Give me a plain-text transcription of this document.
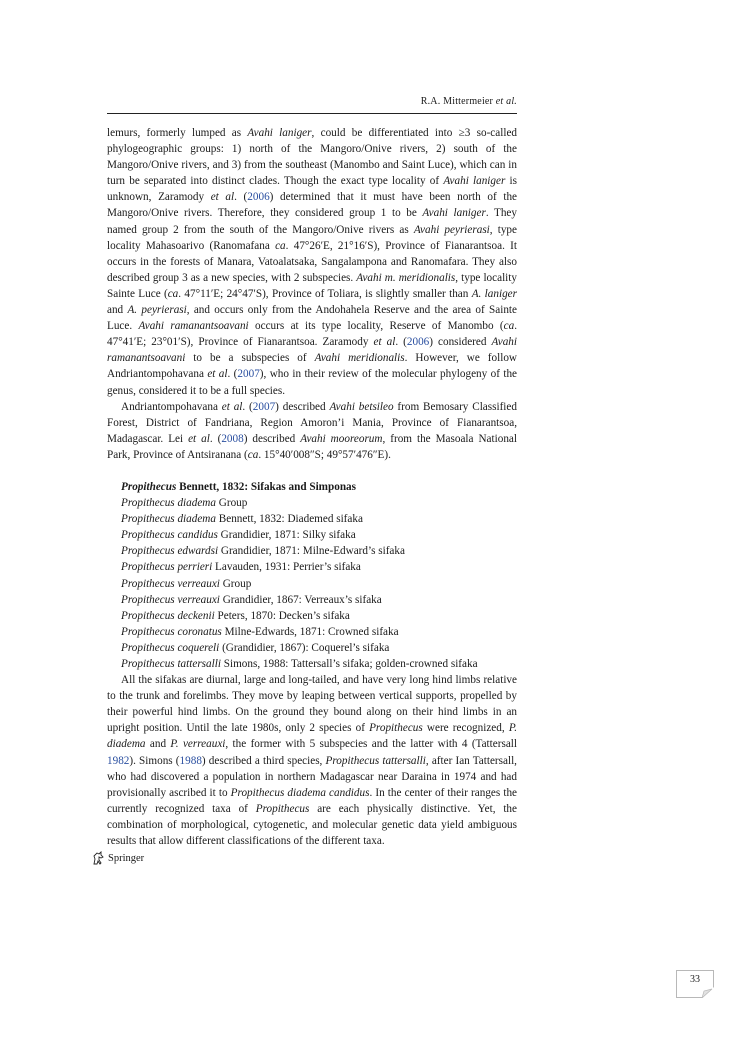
R.A. Mittermeier et al.

lemurs, formerly lumped as Avahi laniger, could be differentiated into ≥3 so-called phylogeographic groups: 1) north of the Mangoro/Onive rivers, 2) south of the Mangoro/Onive rivers, and 3) from the southeast (Manombo and Saint Luce), which can in turn be separated into distinct clades. Though the exact type locality of Avahi laniger is unknown, Zaramody et al. (2006) determined that it must have been north of the Mangoro/Onive rivers. Therefore, they considered group 1 to be Avahi laniger. They named group 2 from the south of the Mangoro/Onive rivers as Avahi peyrierasi, type locality Mahasoarivo (Ranomafana ca. 47°26′E, 21°16′S), Province of Fianarantsoa. It occurs in the forests of Manara, Vatoalatsaka, Sangalampona and Ranomafara. They also described group 3 as a new species, with 2 subspecies. Avahi m. meridionalis, type locality Sainte Luce (ca. 47°11′E; 24°47′S), Province of Toliara, is slightly smaller than A. laniger and A. peyrierasi, and occurs only from the Andohahela Reserve and the area of Sainte Luce. Avahi ramanantsoavani occurs at its type locality, Reserve of Manombo (ca. 47°41′E; 23°01′S), Province of Fianarantsoa. Zaramody et al. (2006) considered Avahi ramanantsoavani to be a subspecies of Avahi meridionalis. However, we follow Andriantompohavana et al. (2007), who in their review of the molecular phylogeny of the genus, considered it to be a full species.

Andriantompohavana et al. (2007) described Avahi betsileo from Bemosary Classified Forest, District of Fandriana, Region Amoron’i Mania, Province of Fianarantsoa, Madagascar. Lei et al. (2008) described Avahi mooreorum, from the Masoala National Park, Province of Antsiranana (ca. 15°40′008″S; 49°57′476″E).

Propithecus Bennett, 1832: Sifakas and Simponas

Propithecus diadema Group
Propithecus diadema Bennett, 1832: Diademed sifaka
Propithecus candidus Grandidier, 1871: Silky sifaka
Propithecus edwardsi Grandidier, 1871: Milne-Edward’s sifaka
Propithecus perrieri Lavauden, 1931: Perrier’s sifaka
Propithecus verreauxi Group
Propithecus verreauxi Grandidier, 1867: Verreaux’s sifaka
Propithecus deckenii Peters, 1870: Decken’s sifaka
Propithecus coronatus Milne-Edwards, 1871: Crowned sifaka
Propithecus coquereli (Grandidier, 1867): Coquerel’s sifaka
Propithecus tattersalli Simons, 1988: Tattersall’s sifaka; golden-crowned sifaka

All the sifakas are diurnal, large and long-tailed, and have very long hind limbs relative to the trunk and forelimbs. They move by leaping between vertical supports, propelled by their powerful hind limbs. On the ground they bound along on their hind limbs in an upright position. Until the late 1980s, only 2 species of Propithecus were recognized, P. diadema and P. verreauxi, the former with 5 subspecies and the latter with 4 (Tattersall 1982). Simons (1988) described a third species, Propithecus tattersalli, after Ian Tattersall, who had discovered a population in northern Madagascar near Daraina in 1974 and had provisionally ascribed it to Propithecus diadema candidus. In the center of their ranges the currently recognized taxa of Propithecus are each physically distinctive. Yet, the combination of morphological, cytogenetic, and molecular genetic data yield ambiguous results that allow different classifications of the different taxa.

Springer
33
